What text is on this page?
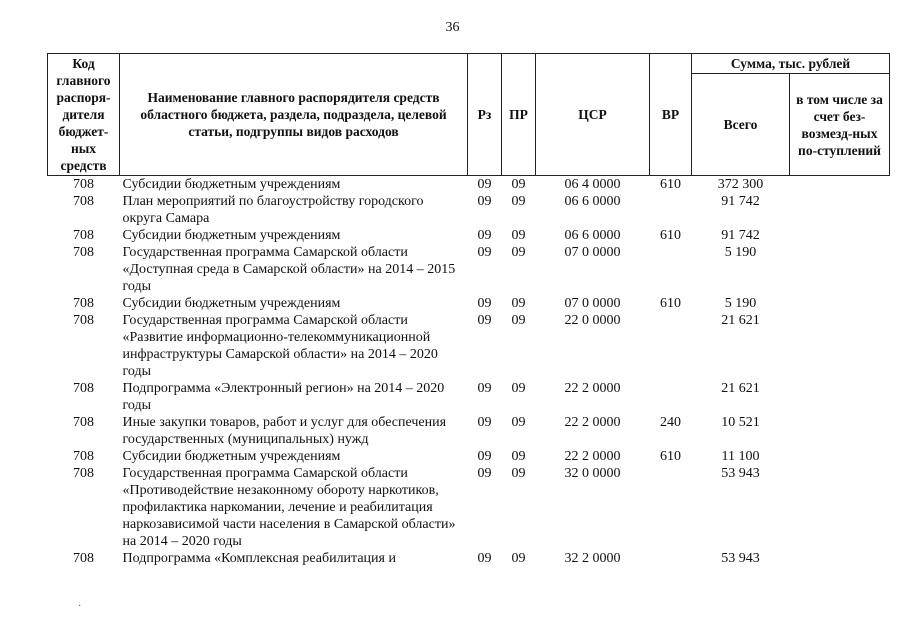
36
Код главного распоря-дителя бюджет-ных средств	Наименование главного распорядителя средств областного бюджета, раздела, подраздела, целевой статьи, подгруппы видов расходов	Рз	ПР	ЦСР	ВР	Сумма, тыс. рублей	
						Всего	в том числе за счет без-возмезд-ных по-ступлений
708	Субсидии бюджетным учреждениям	09	09	06 4 0000	610	372 300	
708	План мероприятий по благоустройству городского округа Самара	09	09	06 6 0000		91 742	
708	Субсидии бюджетным учреждениям	09	09	06 6 0000	610	91 742	
708	Государственная программа Самарской области «Доступная среда в Самарской области» на 2014 – 2015 годы	09	09	07 0 0000		5 190	
708	Субсидии бюджетным учреждениям	09	09	07 0 0000	610	5 190	
708	Государственная программа Самарской области «Развитие информационно-телекоммуникационной инфраструктуры Самарской области» на 2014 – 2020 годы	09	09	22 0 0000		21 621	
708	Подпрограмма «Электронный регион» на 2014 – 2020 годы	09	09	22 2 0000		21 621	
708	Иные закупки товаров, работ и услуг для обеспечения государственных (муниципальных) нужд	09	09	22 2 0000	240	10 521	
708	Субсидии бюджетным учреждениям	09	09	22 2 0000	610	11 100	
708	Государственная программа Самарской области «Противодействие незаконному обороту наркотиков, профилактика наркомании, лечение и реабилитация наркозависимой части населения в Самарской области» на 2014 – 2020 годы	09	09	32 0 0000		53 943	
708	Подпрограмма «Комплексная реабилитация и	09	09	32 2 0000		53 943	
·
